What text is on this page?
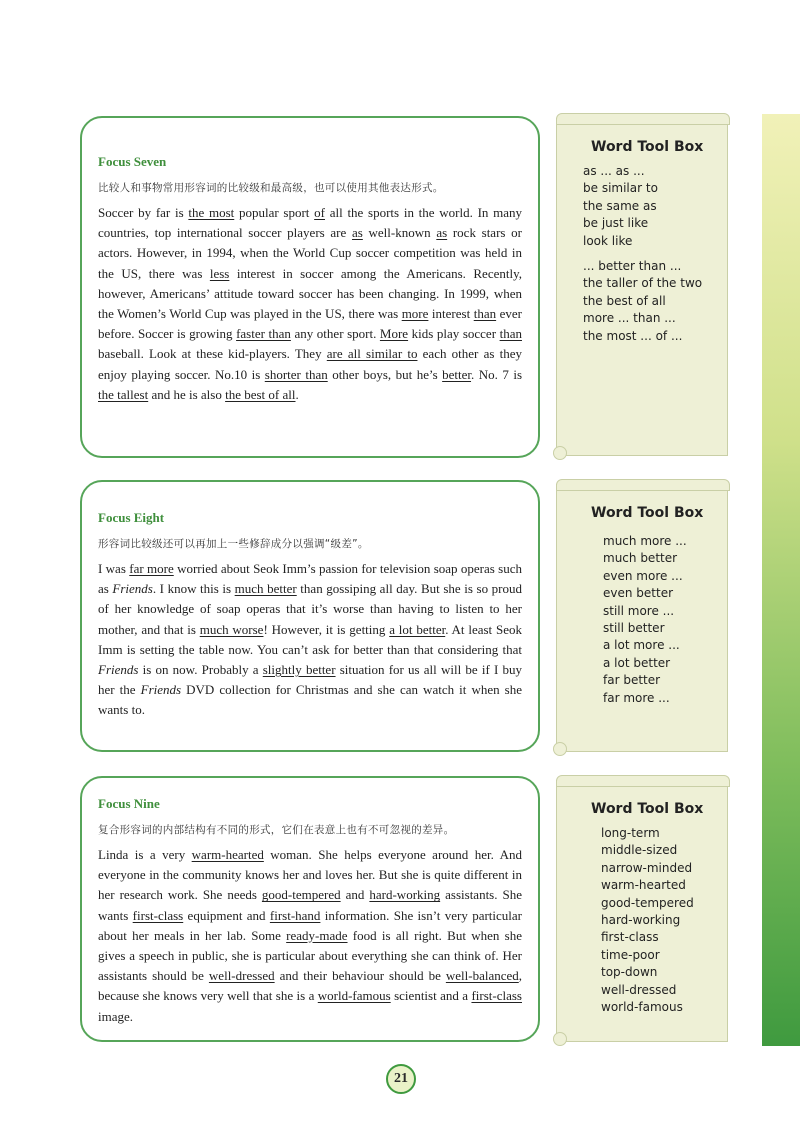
Focus Seven

比较人和事物常用形容词的比较级和最高级，也可以使用其他表达形式。

Soccer by far is the most popular sport of all the sports in the world. In many countries, top international soccer players are as well-known as rock stars or actors. However, in 1994, when the World Cup soccer competition was held in the US, there was less interest in soccer among the Americans. Recently, however, Americans’ attitude toward soccer has been changing. In 1999, when the Women’s World Cup was played in the US, there was more interest than ever before. Soccer is growing faster than any other sport. More kids play soccer than baseball. Look at these kid-players. They are all similar to each other as they enjoy playing soccer. No.10 is shorter than other boys, but he’s better. No. 7 is the tallest and he is also the best of all.

Word Tool Box
as ... as ...
be similar to
the same as
be just like
look like
... better than ...
the taller of the two
the best of all
more ... than ...
the most ... of ...

Focus Eight

形容词比较级还可以再加上一些修辞成分以强调“级差”。

I was far more worried about Seok Imm’s passion for television soap operas such as Friends. I know this is much better than gossiping all day. But she is so proud of her knowledge of soap operas that it’s worse than having to listen to her mother, and that is much worse! However, it is getting a lot better. At least Seok Imm is setting the table now. You can’t ask for better than that considering that Friends is on now. Probably a slightly better situation for us all will be if I buy her the Friends DVD collection for Christmas and she can watch it when she wants to.

Word Tool Box
much more ...
much better
even more ...
even better
still more ...
still better
a lot more ...
a lot better
far better
far more ...

Focus Nine

复合形容词的内部结构有不同的形式，它们在表意上也有不可忽视的差异。

Linda is a very warm-hearted woman. She helps everyone around her. And everyone in the community knows her and loves her. But she is quite different in her research work. She needs good-tempered and hard-working assistants. She wants first-class equipment and first-hand information. She isn’t very particular about her meals in her lab. Some ready-made food is all right. But when she gives a speech in public, she is particular about everything she can think of. Her assistants should be well-dressed and their behaviour should be well-balanced, because she knows very well that she is a world-famous scientist and a first-class image.

Word Tool Box
long-term
middle-sized
narrow-minded
warm-hearted
good-tempered
hard-working
first-class
time-poor
top-down
well-dressed
world-famous
21
